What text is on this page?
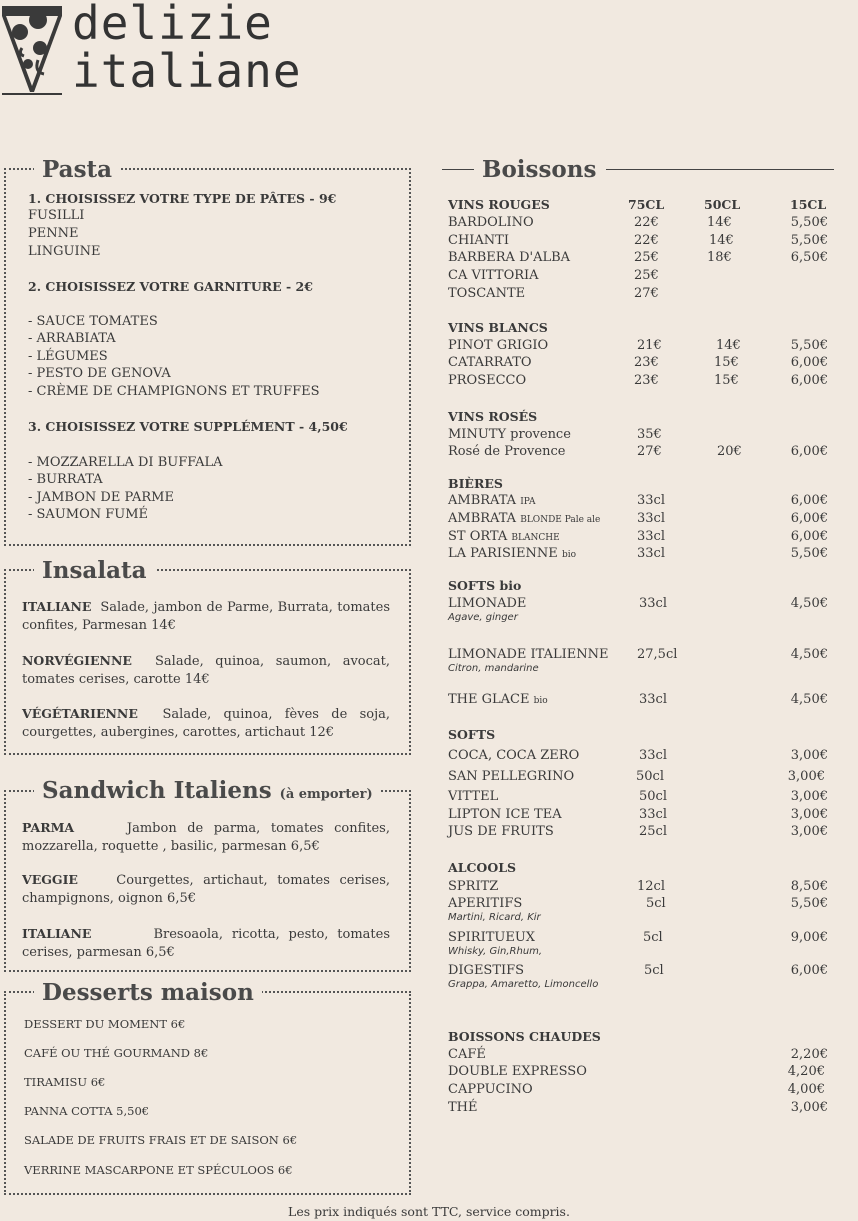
delizie
italiane
Pasta
1. CHOISISSEZ VOTRE TYPE DE PÂTES - 9€
FUSILLI
PENNE
LINGUINE
2. CHOISISSEZ VOTRE GARNITURE - 2€
- SAUCE TOMATES
- ARRABIATA
- LÉGUMES
- PESTO DE GENOVA
- CRÈME DE CHAMPIGNONS ET TRUFFES
3. CHOISISSEZ VOTRE SUPPLÉMENT - 4,50€
- MOZZARELLA DI BUFFALA
- BURRATA
- JAMBON DE PARME
- SAUMON FUMÉ
Insalata
ITALIANE Salade, jambon de Parme, Burrata, tomates confites, Parmesan 14€
NORVÉGIENNE Salade, quinoa, saumon, avocat, tomates cerises, carotte 14€
VÉGÉTARIENNE Salade, quinoa, fèves de soja, courgettes, aubergines, carottes, artichaut 12€
Sandwich Italiens (à emporter)
PARMA	Jambon de parma, tomates confites, mozzarella, roquette , basilic, parmesan 6,5€
VEGGIE	Courgettes, artichaut, tomates cerises, champignons, oignon 6,5€
ITALIANE	Bresoaola, ricotta, pesto, tomates cerises, parmesan 6,5€
Desserts maison
DESSERT DU MOMENT 6€
CAFÉ OU THÉ GOURMAND 8€
TIRAMISU 6€
PANNA COTTA 5,50€
SALADE DE FRUITS FRAIS ET DE SAISON 6€
VERRINE MASCARPONE ET SPÉCULOOS 6€
Boissons
VINS ROUGES	75CL	50CL	15CL
BARDOLINO	22€	14€	5,50€
CHIANTI	22€	14€	5,50€
BARBERA D'ALBA	25€	18€	6,50€
CA VITTORIA	25€
TOSCANTE	27€
VINS BLANCS
PINOT GRIGIO	21€	14€	5,50€
CATARRATO	23€	15€	6,00€
PROSECCO	23€	15€	6,00€
VINS ROSÉS
MINUTY provence	35€
Rosé de Provence	27€	20€	6,00€
BIÈRES
AMBRATA IPA	33cl	6,00€
AMBRATA BLONDE Pale ale	33cl	6,00€
ST ORTA BLANCHE	33cl	6,00€
LA PARISIENNE bio	33cl	5,50€
SOFTS bio
LIMONADE
Agave, ginger
33cl	4,50€
LIMONADE ITALIENNE
Citron, mandarine
27,5cl	4,50€
THE GLACE bio	33cl	4,50€
SOFTS
COCA, COCA ZERO	33cl	3,00€
SAN PELLEGRINO	50cl	3,00€
VITTEL	50cl	3,00€
LIPTON ICE TEA	33cl	3,00€
JUS DE FRUITS	25cl	3,00€
ALCOOLS
SPRITZ	12cl	8,50€
APERITIFS
Martini, Ricard, Kir
5cl	5,50€
SPIRITUEUX
Whisky, Gin,Rhum,
5cl	9,00€
DIGESTIFS
Grappa, Amaretto, Limoncello
5cl	6,00€
BOISSONS CHAUDES
CAFÉ	2,20€
DOUBLE EXPRESSO	4,20€
CAPPUCINO	4,00€
THÉ	3,00€
Les prix indiqués sont TTC, service compris.
